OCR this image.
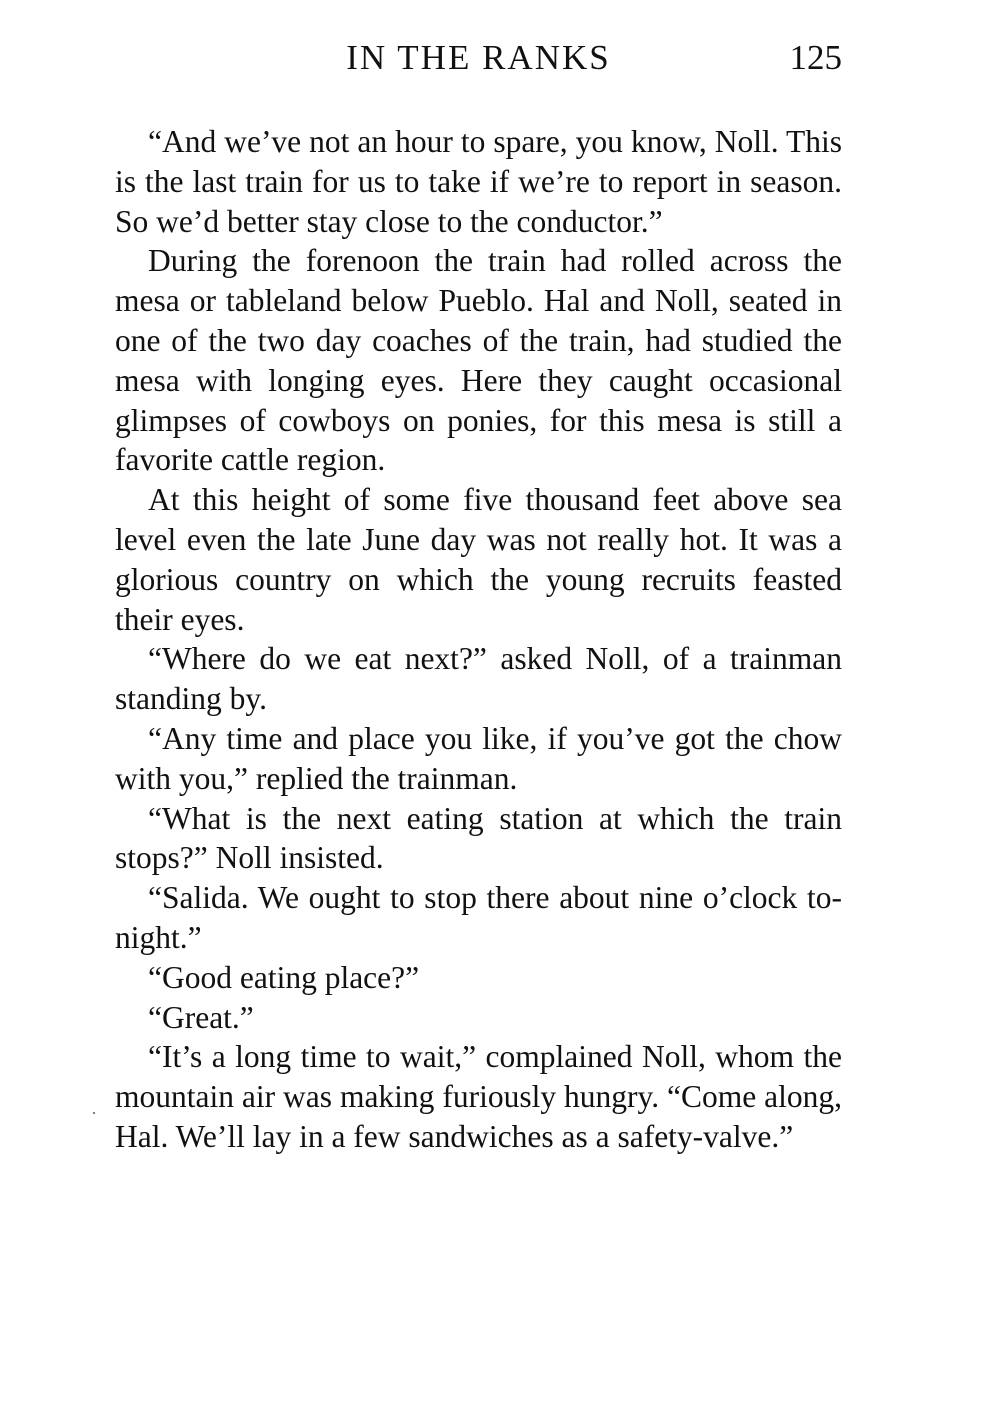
IN THE RANKS	125

“And we’ve not an hour to spare, you know, Noll. This is the last train for us to take if we’re to report in season. So we’d better stay close to the conductor.”

During the forenoon the train had rolled across the mesa or tableland below Pueblo. Hal and Noll, seated in one of the two day coaches of the train, had studied the mesa with longing eyes. Here they caught occasional glimpses of cowboys on ponies, for this mesa is still a favorite cattle region.

At this height of some five thousand feet above sea level even the late June day was not really hot. It was a glorious country on which the young recruits feasted their eyes.

“Where do we eat next?” asked Noll, of a trainman standing by.

“Any time and place you like, if you’ve got the chow with you,” replied the trainman.

“What is the next eating station at which the train stops?” Noll insisted.

“Salida. We ought to stop there about nine o’clock to-night.”

“Good eating place?”

“Great.”

“It’s a long time to wait,” complained Noll, whom the mountain air was making furiously hungry. “Come along, Hal. We’ll lay in a few sandwiches as a safety-valve.”
